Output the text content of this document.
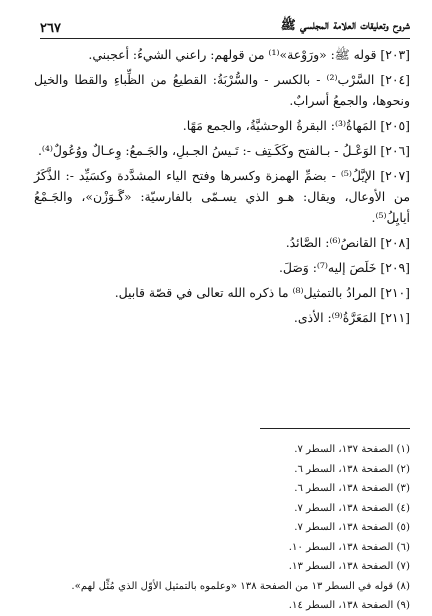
شروح وتعليقات العلامة المجلسي ﷺ
٢٦٧

[٢٠٣] قوله ﷺ: «ورَوْعة»⁽¹⁾ من قولهم: راعني الشيءُ: أعجبني.

[٢٠٤] السَّرْب⁽²⁾ - بالكسر - والسُّرْبَةُ: القطيعُ من الظِّباءِ والقطا والخيل ونحوها، والجمعُ أسرابٌ.

[٢٠٥] المَهاةُ⁽³⁾: البقرةُ الوحشيَّةُ، والجمع مَهًا.

[٢٠٦] الوَعْـلُ - بـالفتح وكَكَـتِف -: تَـيسُ الجـبلِ، والجَـمعُ: وِعـالٌ ووُعُولٌ⁽⁴⁾.

[٢٠٧] الإيَّلُ⁽⁵⁾ - بضمِّ الهمزة وكسرها وفتح الياء المشدَّدة وكسَيِّد -: الذَّكَرُ من الأوعال، ويقال: هـو الذي يسـمّى بالفارسيّة: «گَـوَزْن»، والجَـمْعُ أيايِلُ⁽⁵⁾.

[٢٠٨] القانصُ⁽⁶⁾: الصَّائدُ.

[٢٠٩] خَلَصَ إليه⁽⁷⁾: وَصَلَ.

[٢١٠] المرادُ بالتمثيل⁽⁸⁾ ما ذكره الله تعالى في قصّة قابيل.

[٢١١] المَعَرَّةُ⁽⁹⁾: الأذى.

(١) الصفحة ١٣٧، السطر ٧.
(٢) الصفحة ١٣٨، السطر ٦.
(٣) الصفحة ١٣٨، السطر ٦.
(٤) الصفحة ١٣٨، السطر ٧.
(٥) الصفحة ١٣٨، السطر ٧.
(٦) الصفحة ١٣٨، السطر ١٠.
(٧) الصفحة ١٣٨، السطر ١٣.
(٨) قوله في السطر ١٣ من الصفحة ١٣٨ «وعلموه بالتمثيل الأوّل الذي مُثِّل لهم».
(٩) الصفحة ١٣٨، السطر ١٤.
